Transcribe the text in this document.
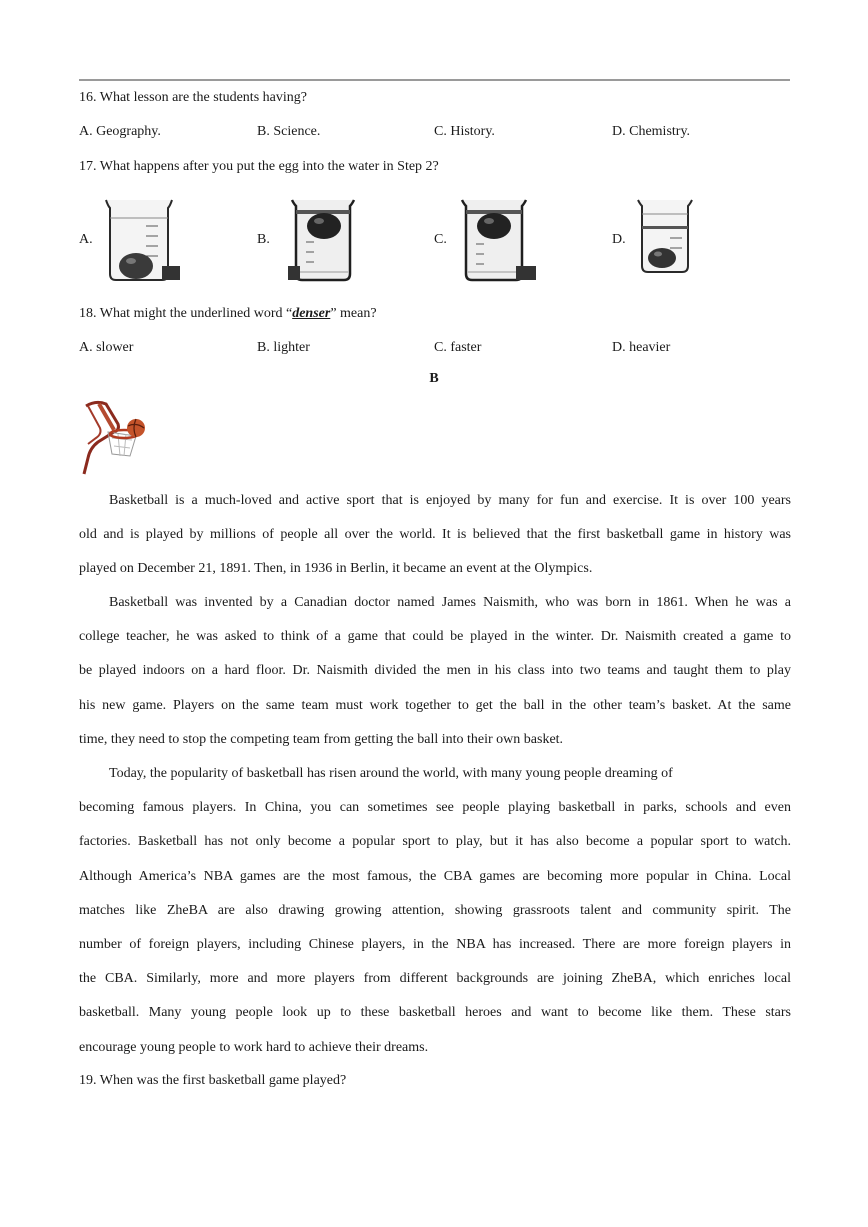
16. What lesson are the students having?
A. Geography.	B. Science.	C. History.	D. Chemistry.
17. What happens after you put the egg into the water in Step 2?
A.	B.	C.	D.
18. What might the underlined word “denser” mean?
A. slower	B. lighter	C. faster	D. heavier
B
Basketball is a much-loved and active sport that is enjoyed by many for fun and exercise. It is over 100 years
old and is played by millions of people all over the world. It is believed that the first basketball game in history was
played on December 21, 1891. Then, in 1936 in Berlin, it became an event at the Olympics.
Basketball was invented by a Canadian doctor named James Naismith, who was born in 1861. When he was a
college teacher, he was asked to think of a game that could be played in the winter. Dr. Naismith created a game to
be played indoors on a hard floor. Dr. Naismith divided the men in his class into two teams and taught them to play
his new game. Players on the same team must work together to get the ball in the other team’s basket. At the same
time, they need to stop the competing team from getting the ball into their own basket.
Today, the popularity of basketball has risen around the world, with many young people dreaming of
becoming famous players. In China, you can sometimes see people playing basketball in parks, schools and even
factories. Basketball has not only become a popular sport to play, but it has also become a popular sport to watch.
Although America’s NBA games are the most famous, the CBA games are becoming more popular in China. Local
matches like ZheBA are also drawing growing attention, showing grassroots talent and community spirit. The
number of foreign players, including Chinese players, in the NBA has increased. There are more foreign players in
the CBA. Similarly, more and more players from different backgrounds are joining ZheBA, which enriches local
basketball. Many young people look up to these basketball heroes and want to become like them. These stars
encourage young people to work hard to achieve their dreams.
19. When was the first basketball game played?
